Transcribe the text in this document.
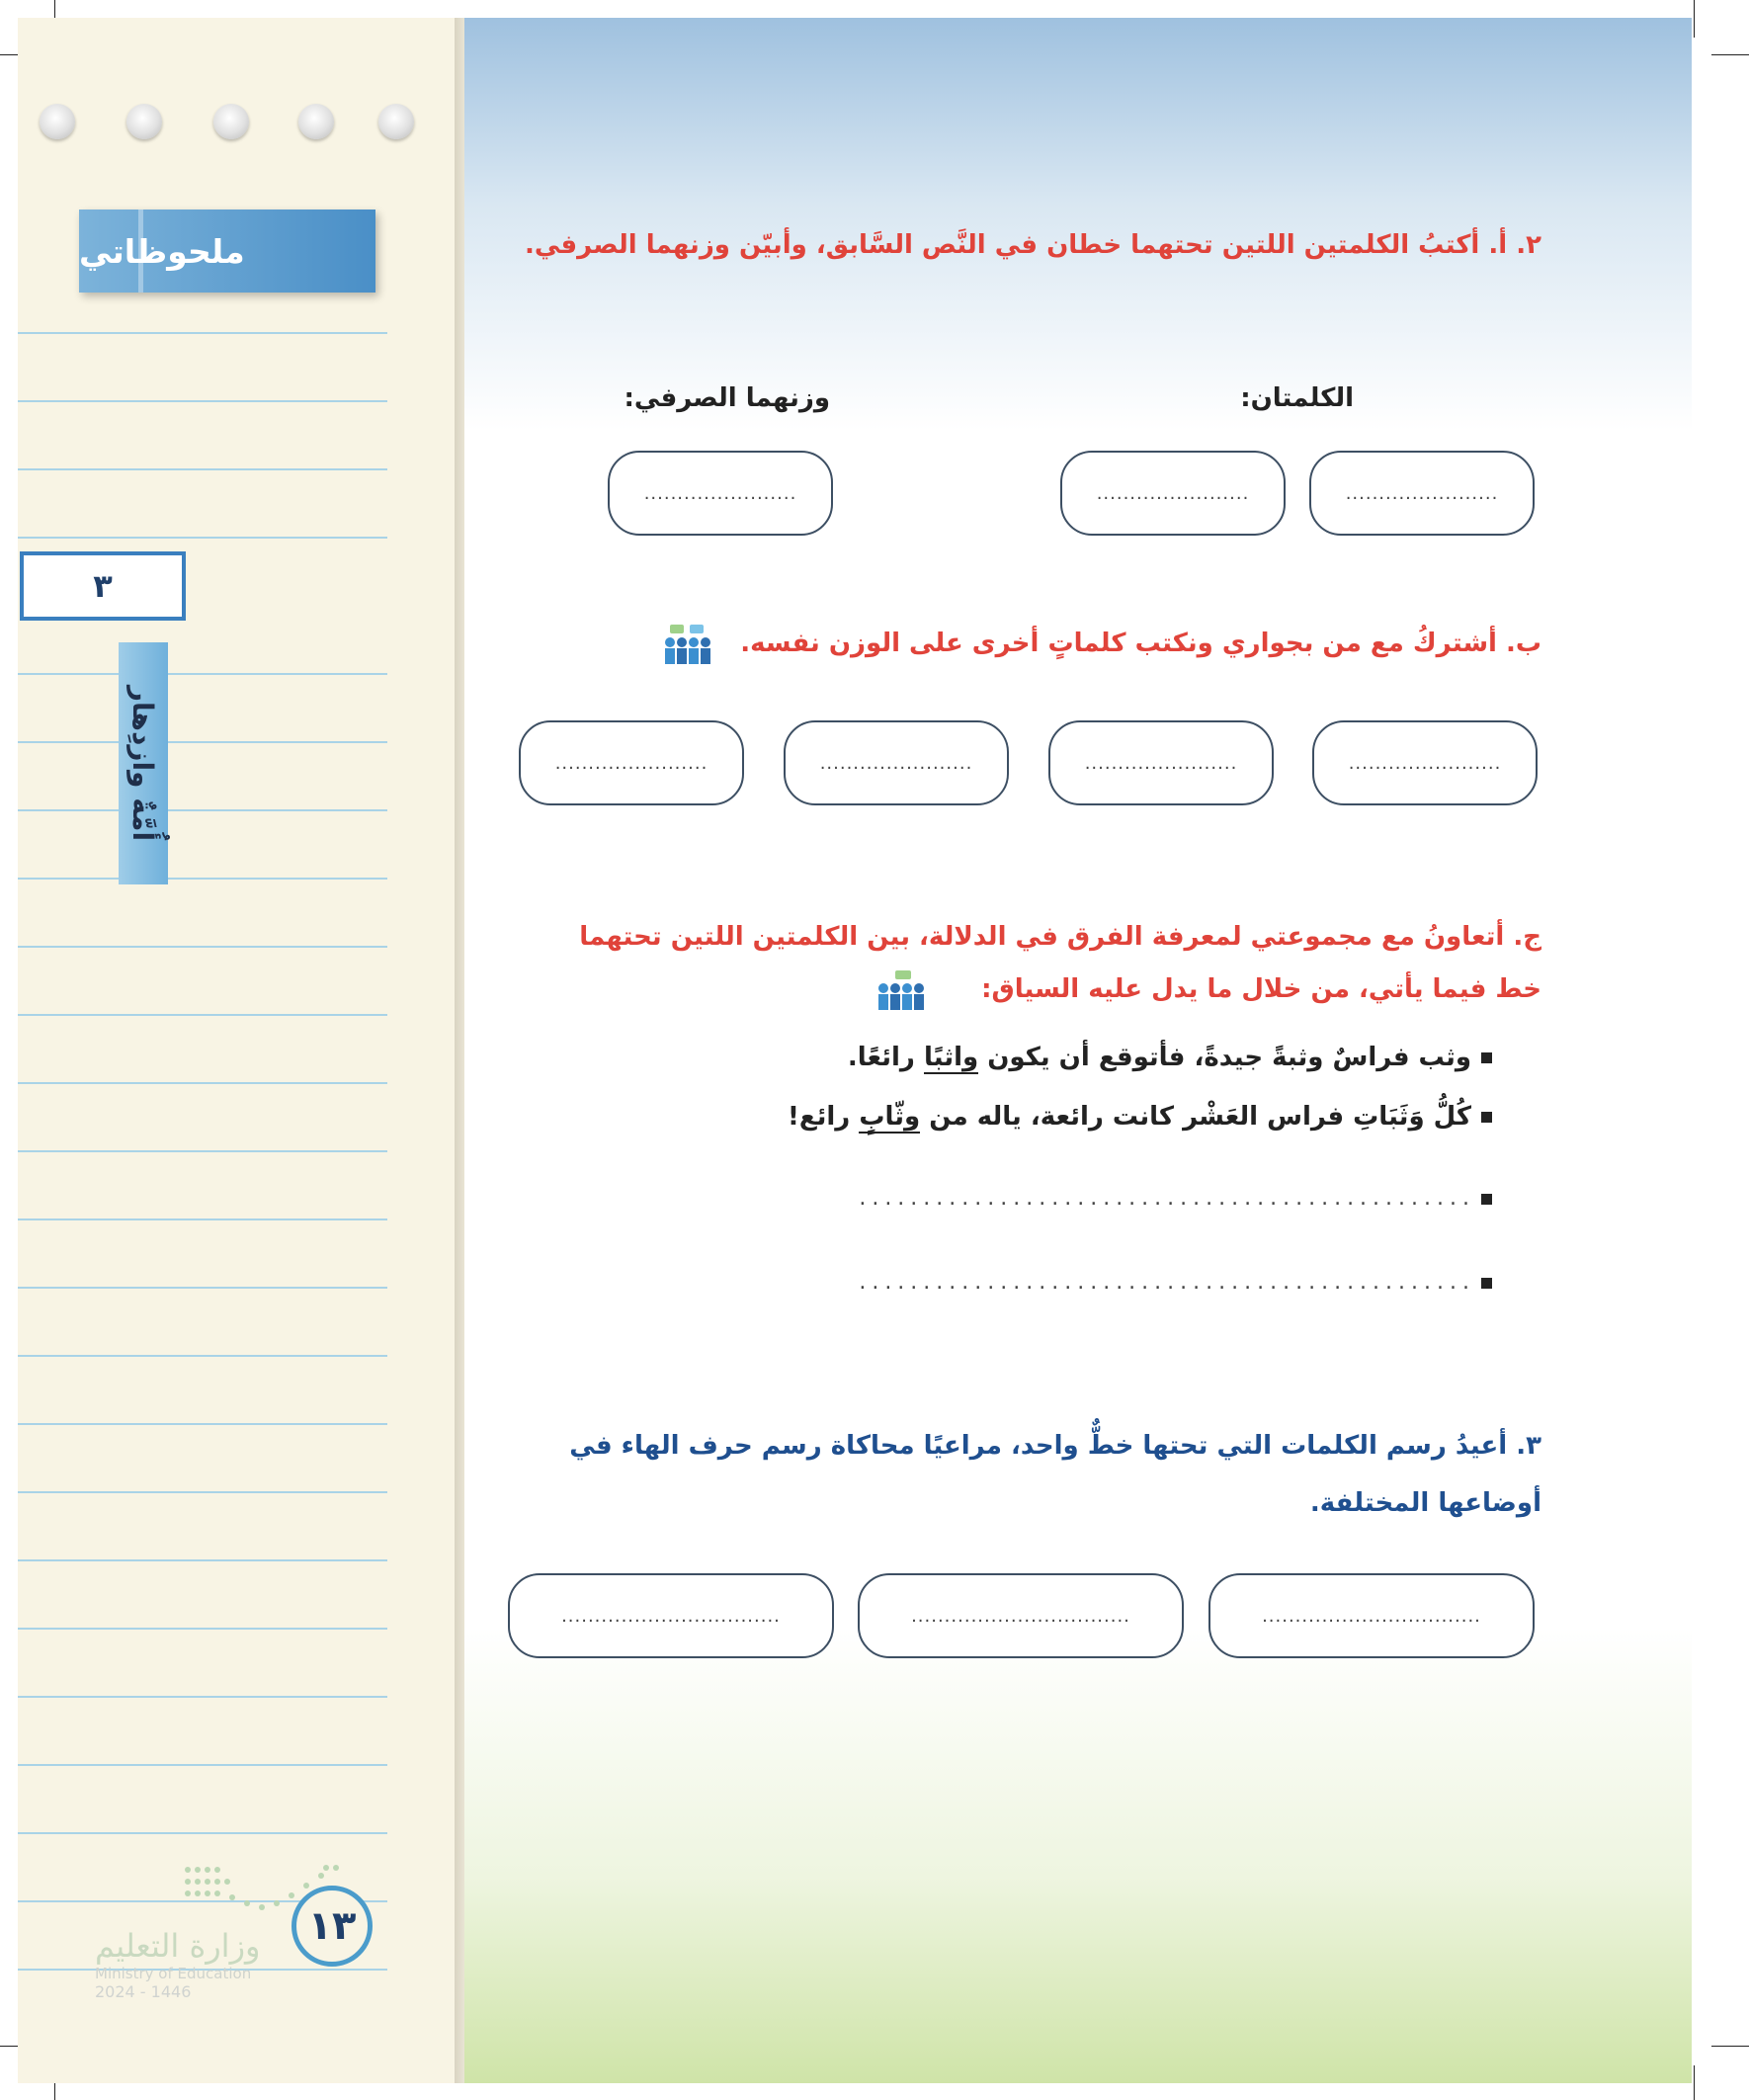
ملحوظاتي
٣
أُمَّةٌ وازدِهار
١٣
وزارة التعليم
Ministry of Education
2024 - 1446
٢. أ. أكتبُ الكلمتين اللتين تحتهما خطان في النَّص السَّابق، وأبيّن وزنهما الصرفي.
الكلمتان:
وزنهما الصرفي:
.......................
.......................
.......................
ب. أشتركُ مع من بجواري ونكتب كلماتٍ أخرى على الوزن نفسه.
.......................
.......................
.......................
.......................
ج. أتعاونُ مع مجموعتي لمعرفة الفرق في الدلالة، بين الكلمتين اللتين تحتهما
خط فيما يأتي، من خلال ما يدل عليه السياق:
وثب فراسٌ وثبةً جيدةً، فأتوقع أن يكون واثبًا رائعًا.
كُلُّ وَثَبَاتِ فراس العَشْر كانت رائعة، ياله من وثّابٍ رائع!
................................................
................................................
٣. أعيدُ رسم الكلمات التي تحتها خطٌّ واحد، مراعيًا محاكاة رسم حرف الهاء في
أوضاعها المختلفة.
.................................
.................................
.................................
